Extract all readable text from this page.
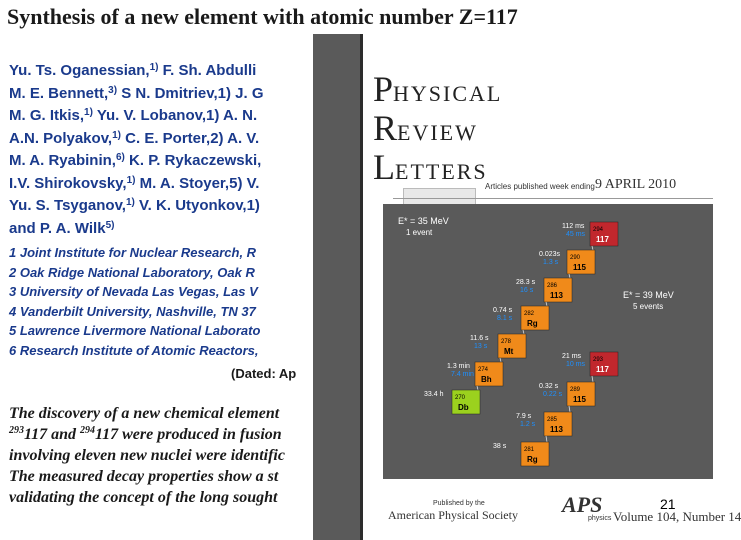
Synthesis of a new element with atomic number Z=117
Yu. Ts. Oganessian,$^{1)}$ F. Sh. Abdulli
M. E. Bennett,$^{3)}$ S N. Dmitriev,1) J. G
M. G. Itkis,$^{1)}$ Yu. V. Lobanov,1) A. N.
A.N. Polyakov,$^{1)}$ C. E. Porter,2) A. V.
M. A. Ryabinin,$^{6)}$ K. P. Rykaczewski,
I.V. Shirokovsky,$^{1)}$ M. A. Stoyer,5) V.
Yu. S. Tsyganov,$^{1)}$ V. K. Utyonkov,1)
and P. A. Wilk$^{5)}$
1 Joint Institute for Nuclear Research, R
2 Oak Ridge National Laboratory, Oak R
3 University of Nevada Las Vegas, Las V
4 Vanderbilt University, Nashville, TN 37
5 Lawrence Livermore National Laborato
6 Research Institute of Atomic Reactors,
(Dated: Ap
The discovery of a new chemical element
$^{293}$117 and $^{294}$117 were produced in fusion
involving eleven new nuclei were identific
The measured decay properties show a st
validating the concept of the long sought
PHYSICAL
REVIEW
LETTERS
Articles published week ending 9 APRIL 2010
E* = 35 MeV
1 event
E* = 39 MeV
5 events
294
117
112 ms
45 ms
290
115
0.023s
1.3 s
286
113
28.3 s
16 s
282
Rg
0.74 s
8.1 s
278
Mt
11.6 s
13 s
274
Bh
1.3 min
7.4 min
270
Db
33.4 h
293
117
21 ms
10 ms
289
115
0.32 s
0.22 s
285
113
7.9 s
1.2 s
281
Rg
38 s
Published by the
American Physical Society APS
physics Volume 104, Number 14
21
